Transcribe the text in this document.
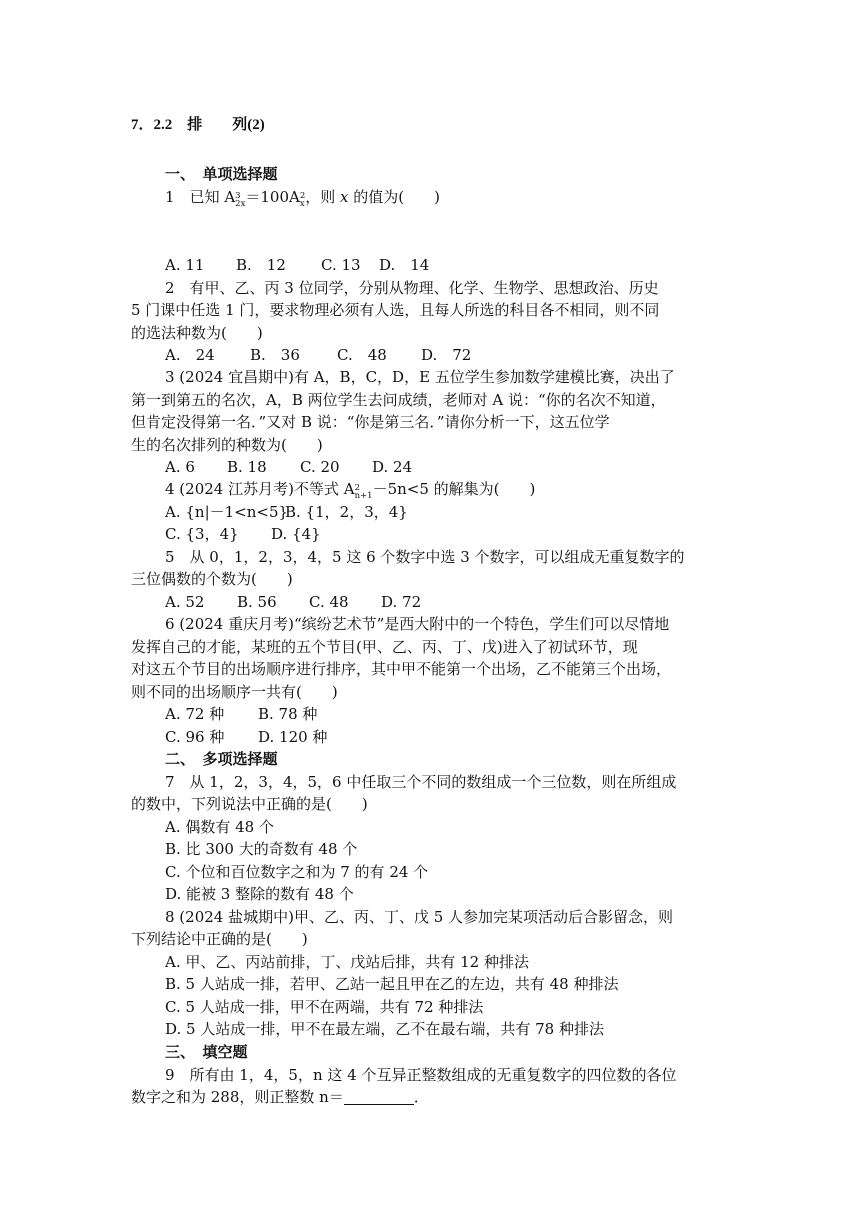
7．2.2　排　　列(2)
一、　单项选择题
1　 已知 A 3
2x ＝100A 2
x ，则 x 的值为(　　)
A. 11 B.　12 C. 13 D.　14
2　有甲、乙、丙 3 位同学，分别从物理、化学、生物学、思想政治、历史
5 门课中任选 1 门，要求物理必须有人选，且每人所选的科目各不相同，则不同
的选法种数为(　　)
A.　24 B.　36 C.　48 D.　72
3 (2024 宜昌期中)有 A，B，C，D，E 五位学生参加数学建模比赛，决出了
第一到第五的名次，A，B 两位学生去问成绩，老师对 A 说：“你的名次不知道，
但肯定没得第一名．”又对 B 说：“你是第三名．”请你分析一下，这五位学
生的名次排列的种数为(　　)
A. 6 B. 18 C. 20 D. 24
4 (2024 江苏月考)不等式 A 2
n+1 －5n<5 的解集为(　　)
A. {n|－1<n<5}B. {1，2，3，4}
C. {3，4} D. {4}
5　从 0，1，2，3，4，5 这 6 个数字中选 3 个数字，可以组成无重复数字的
三位偶数的个数为(　　)
A. 52 B. 56 C. 48 D. 72
6 (2024 重庆月考)“缤纷艺术节”是西大附中的一个特色，学生们可以尽情地
发挥自己的才能，某班的五个节目(甲、乙、丙、丁、戊)进入了初试环节，现
对这五个节目的出场顺序进行排序，其中甲不能第一个出场，乙不能第三个出场，
则不同的出场顺序一共有(　　)
A. 72 种 B. 78 种
C. 96 种 D. 120 种
二、　多项选择题
7　从 1，2，3，4，5，6 中任取三个不同的数组成一个三位数，则在所组成
的数中，下列说法中正确的是(　　)
A. 偶数有 48 个
B. 比 300 大的奇数有 48 个
C. 个位和百位数字之和为 7 的有 24 个
D. 能被 3 整除的数有 48 个
8 (2024 盐城期中)甲、乙、丙、丁、戊 5 人参加完某项活动后合影留念，则
下列结论中正确的是(　　)
A. 甲、乙、丙站前排，丁、戊站后排，共有 12 种排法
B. 5 人站成一排，若甲、乙站一起且甲在乙的左边，共有 48 种排法
C. 5 人站成一排，甲不在两端，共有 72 种排法
D. 5 人站成一排，甲不在最左端，乙不在最右端，共有 78 种排法
三、　填空题
9　所有由 1，4，5，n 这 4 个互异正整数组成的无重复数字的四位数的各位
数字之和为 288，则正整数 n＝	．
